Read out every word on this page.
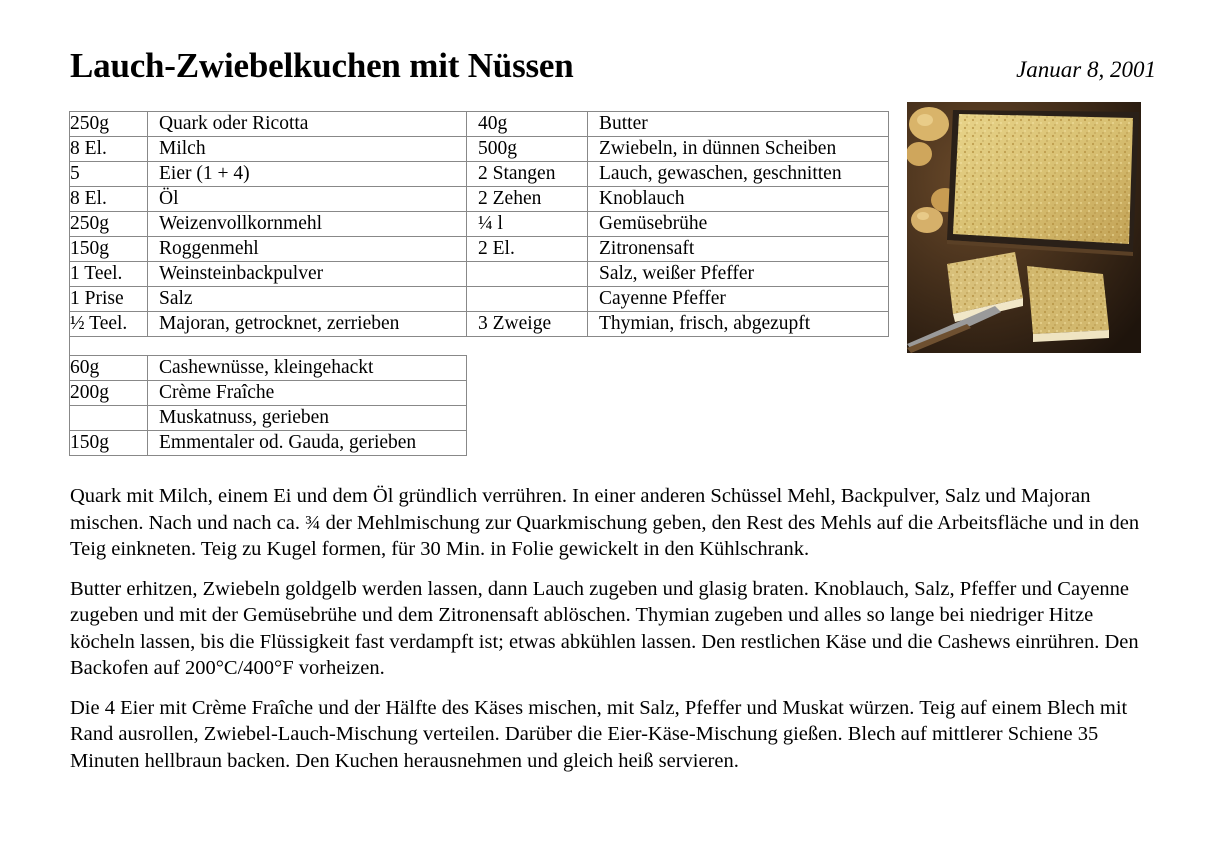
Lauch-Zwiebelkuchen mit Nüssen	Januar 8, 2001
250g	Quark oder Ricotta	40g	Butter
8 El.	Milch	500g	Zwiebeln, in dünnen Scheiben
5	Eier (1 + 4)	2 Stangen	Lauch, gewaschen, geschnitten
8 El.	Öl	2 Zehen	Knoblauch
250g	Weizenvollkornmehl	¼ l	Gemüsebrühe
150g	Roggenmehl	2 El.	Zitronensaft
1 Teel.	Weinsteinbackpulver		Salz, weißer Pfeffer
1 Prise	Salz		Cayenne Pfeffer
½ Teel.	Majoran, getrocknet, zerrieben	3 Zweige	Thymian, frisch, abgezupft
60g	Cashewnüsse, kleingehackt
200g	Crème Fraîche
	Muskatnuss, gerieben
150g	Emmentaler od. Gauda, gerieben

Quark mit Milch, einem Ei und dem Öl gründlich verrühren. In einer anderen Schüssel Mehl, Backpulver, Salz und Majoran mischen. Nach und nach ca. ¾ der Mehlmischung zur Quarkmischung geben, den Rest des Mehls auf die Arbeitsfläche und in den Teig einkneten. Teig zu Kugel formen, für 30 Min. in Folie gewickelt in den Kühlschrank.

Butter erhitzen, Zwiebeln goldgelb werden lassen, dann Lauch zugeben und glasig braten. Knoblauch, Salz, Pfeffer und Cayenne zugeben und mit der Gemüsebrühe und dem Zitronensaft ablöschen. Thymian zugeben und alles so lange bei niedriger Hitze köcheln lassen, bis die Flüssigkeit fast verdampft ist; etwas abkühlen lassen. Den restlichen Käse und die Cashews einrühren. Den Backofen auf 200°C/400°F vorheizen.

Die 4 Eier mit Crème Fraîche und der Hälfte des Käses mischen, mit Salz, Pfeffer und Muskat würzen. Teig auf einem Blech mit Rand ausrollen, Zwiebel-Lauch-Mischung verteilen. Darüber die Eier-Käse-Mischung gießen. Blech auf mittlerer Schiene 35 Minuten hellbraun backen. Den Kuchen herausnehmen und gleich heiß servieren.
